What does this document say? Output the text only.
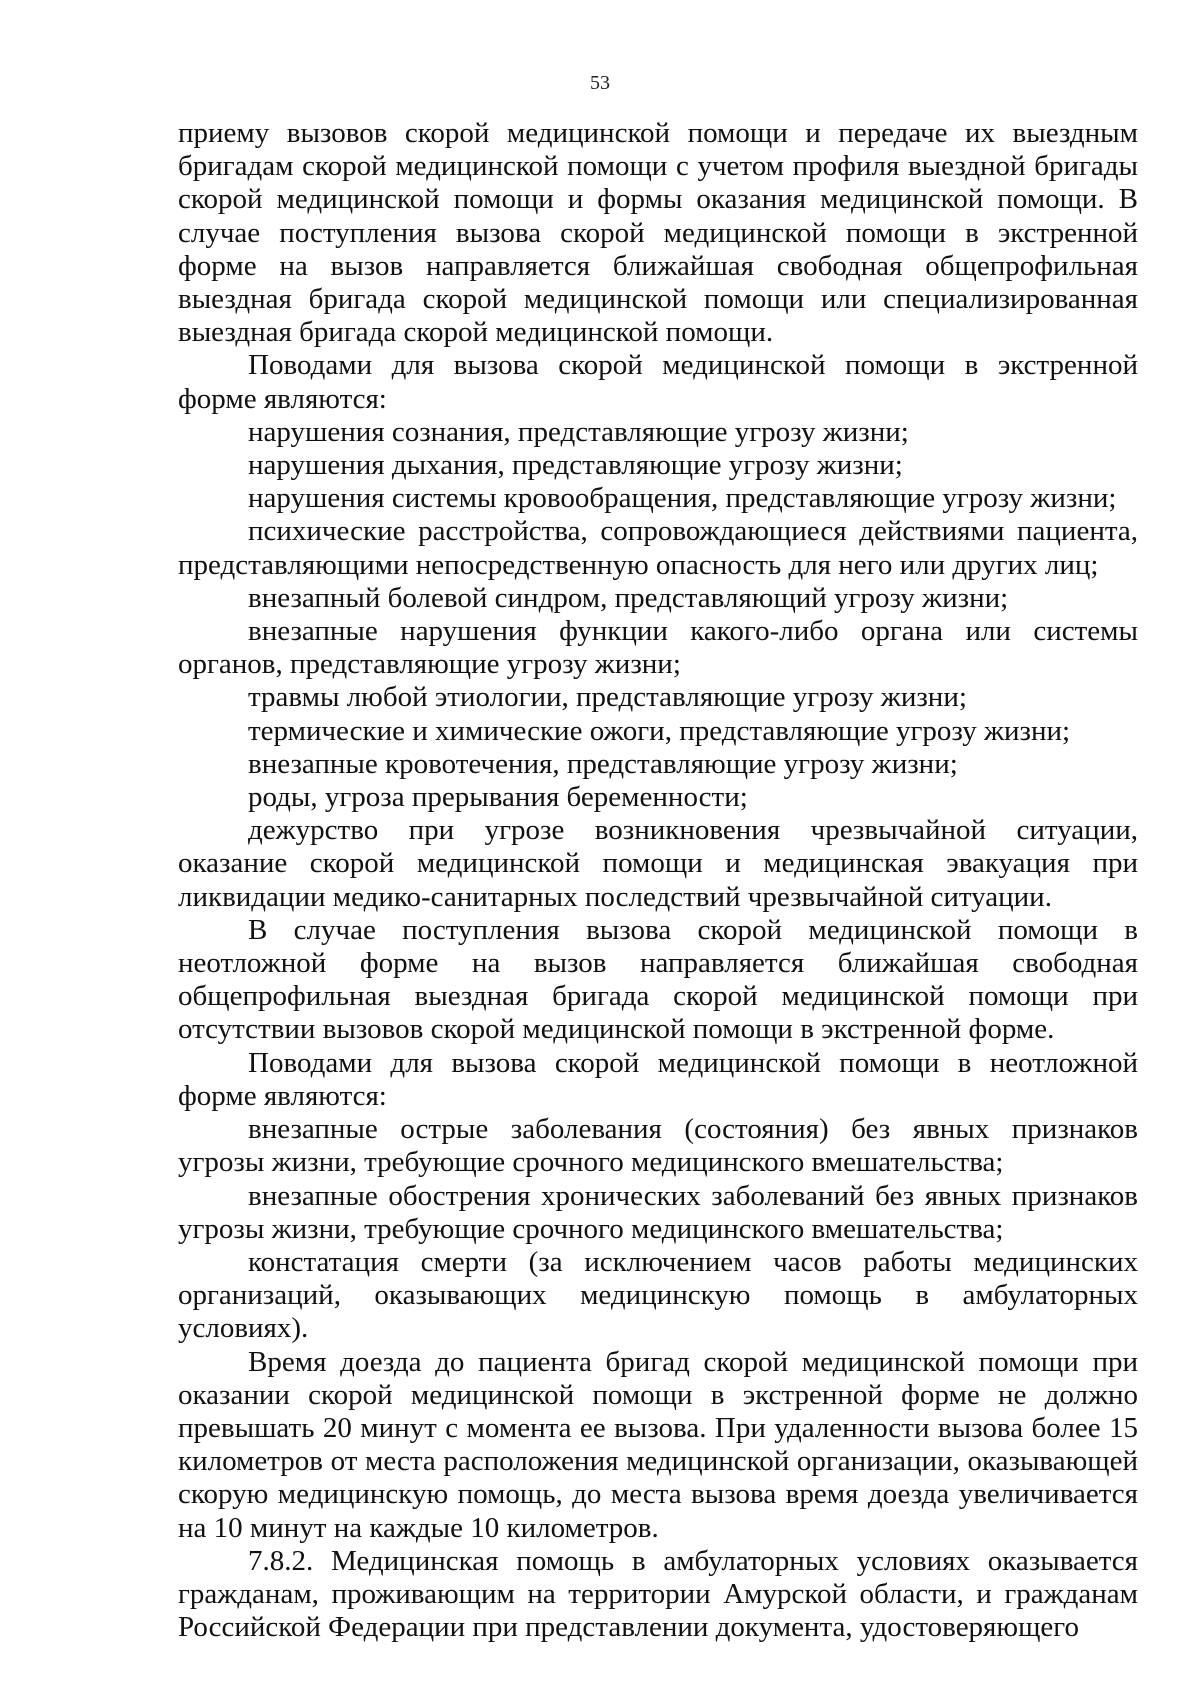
53

приему вызовов скорой медицинской помощи и передаче их выездным бригадам скорой медицинской помощи с учетом профиля выездной бригады скорой медицинской помощи и формы оказания медицинской помощи. В случае поступления вызова скорой медицинской помощи в экстренной форме на вызов направляется ближайшая свободная общепрофильная выездная бригада скорой медицинской помощи или специализированная выездная бригада скорой медицинской помощи.

Поводами для вызова скорой медицинской помощи в экстренной форме являются:

нарушения сознания, представляющие угрозу жизни;

нарушения дыхания, представляющие угрозу жизни;

нарушения системы кровообращения, представляющие угрозу жизни;

психические расстройства, сопровождающиеся действиями пациента, представляющими непосредственную опасность для него или других лиц;

внезапный болевой синдром, представляющий угрозу жизни;

внезапные нарушения функции какого-либо органа или системы органов, представляющие угрозу жизни;

травмы любой этиологии, представляющие угрозу жизни;

термические и химические ожоги, представляющие угрозу жизни;

внезапные кровотечения, представляющие угрозу жизни;

роды, угроза прерывания беременности;

дежурство при угрозе возникновения чрезвычайной ситуации, оказание скорой медицинской помощи и медицинская эвакуация при ликвидации медико-санитарных последствий чрезвычайной ситуации.

В случае поступления вызова скорой медицинской помощи в неотложной форме на вызов направляется ближайшая свободная общепрофильная выездная бригада скорой медицинской помощи при отсутствии вызовов скорой медицинской помощи в экстренной форме.

Поводами для вызова скорой медицинской помощи в неотложной форме являются:

внезапные острые заболевания (состояния) без явных признаков угрозы жизни, требующие срочного медицинского вмешательства;

внезапные обострения хронических заболеваний без явных признаков угрозы жизни, требующие срочного медицинского вмешательства;

констатация смерти (за исключением часов работы медицинских организаций, оказывающих медицинскую помощь в амбулаторных условиях).

Время доезда до пациента бригад скорой медицинской помощи при оказании скорой медицинской помощи в экстренной форме не должно превышать 20 минут с момента ее вызова. При удаленности вызова более 15 километров от места расположения медицинской организации, оказывающей скорую медицинскую помощь, до места вызова время доезда увеличивается на 10 минут на каждые 10 километров.

7.8.2. Медицинская помощь в амбулаторных условиях оказывается гражданам, проживающим на территории Амурской области, и гражданам Российской Федерации при представлении документа, удостоверяющего
